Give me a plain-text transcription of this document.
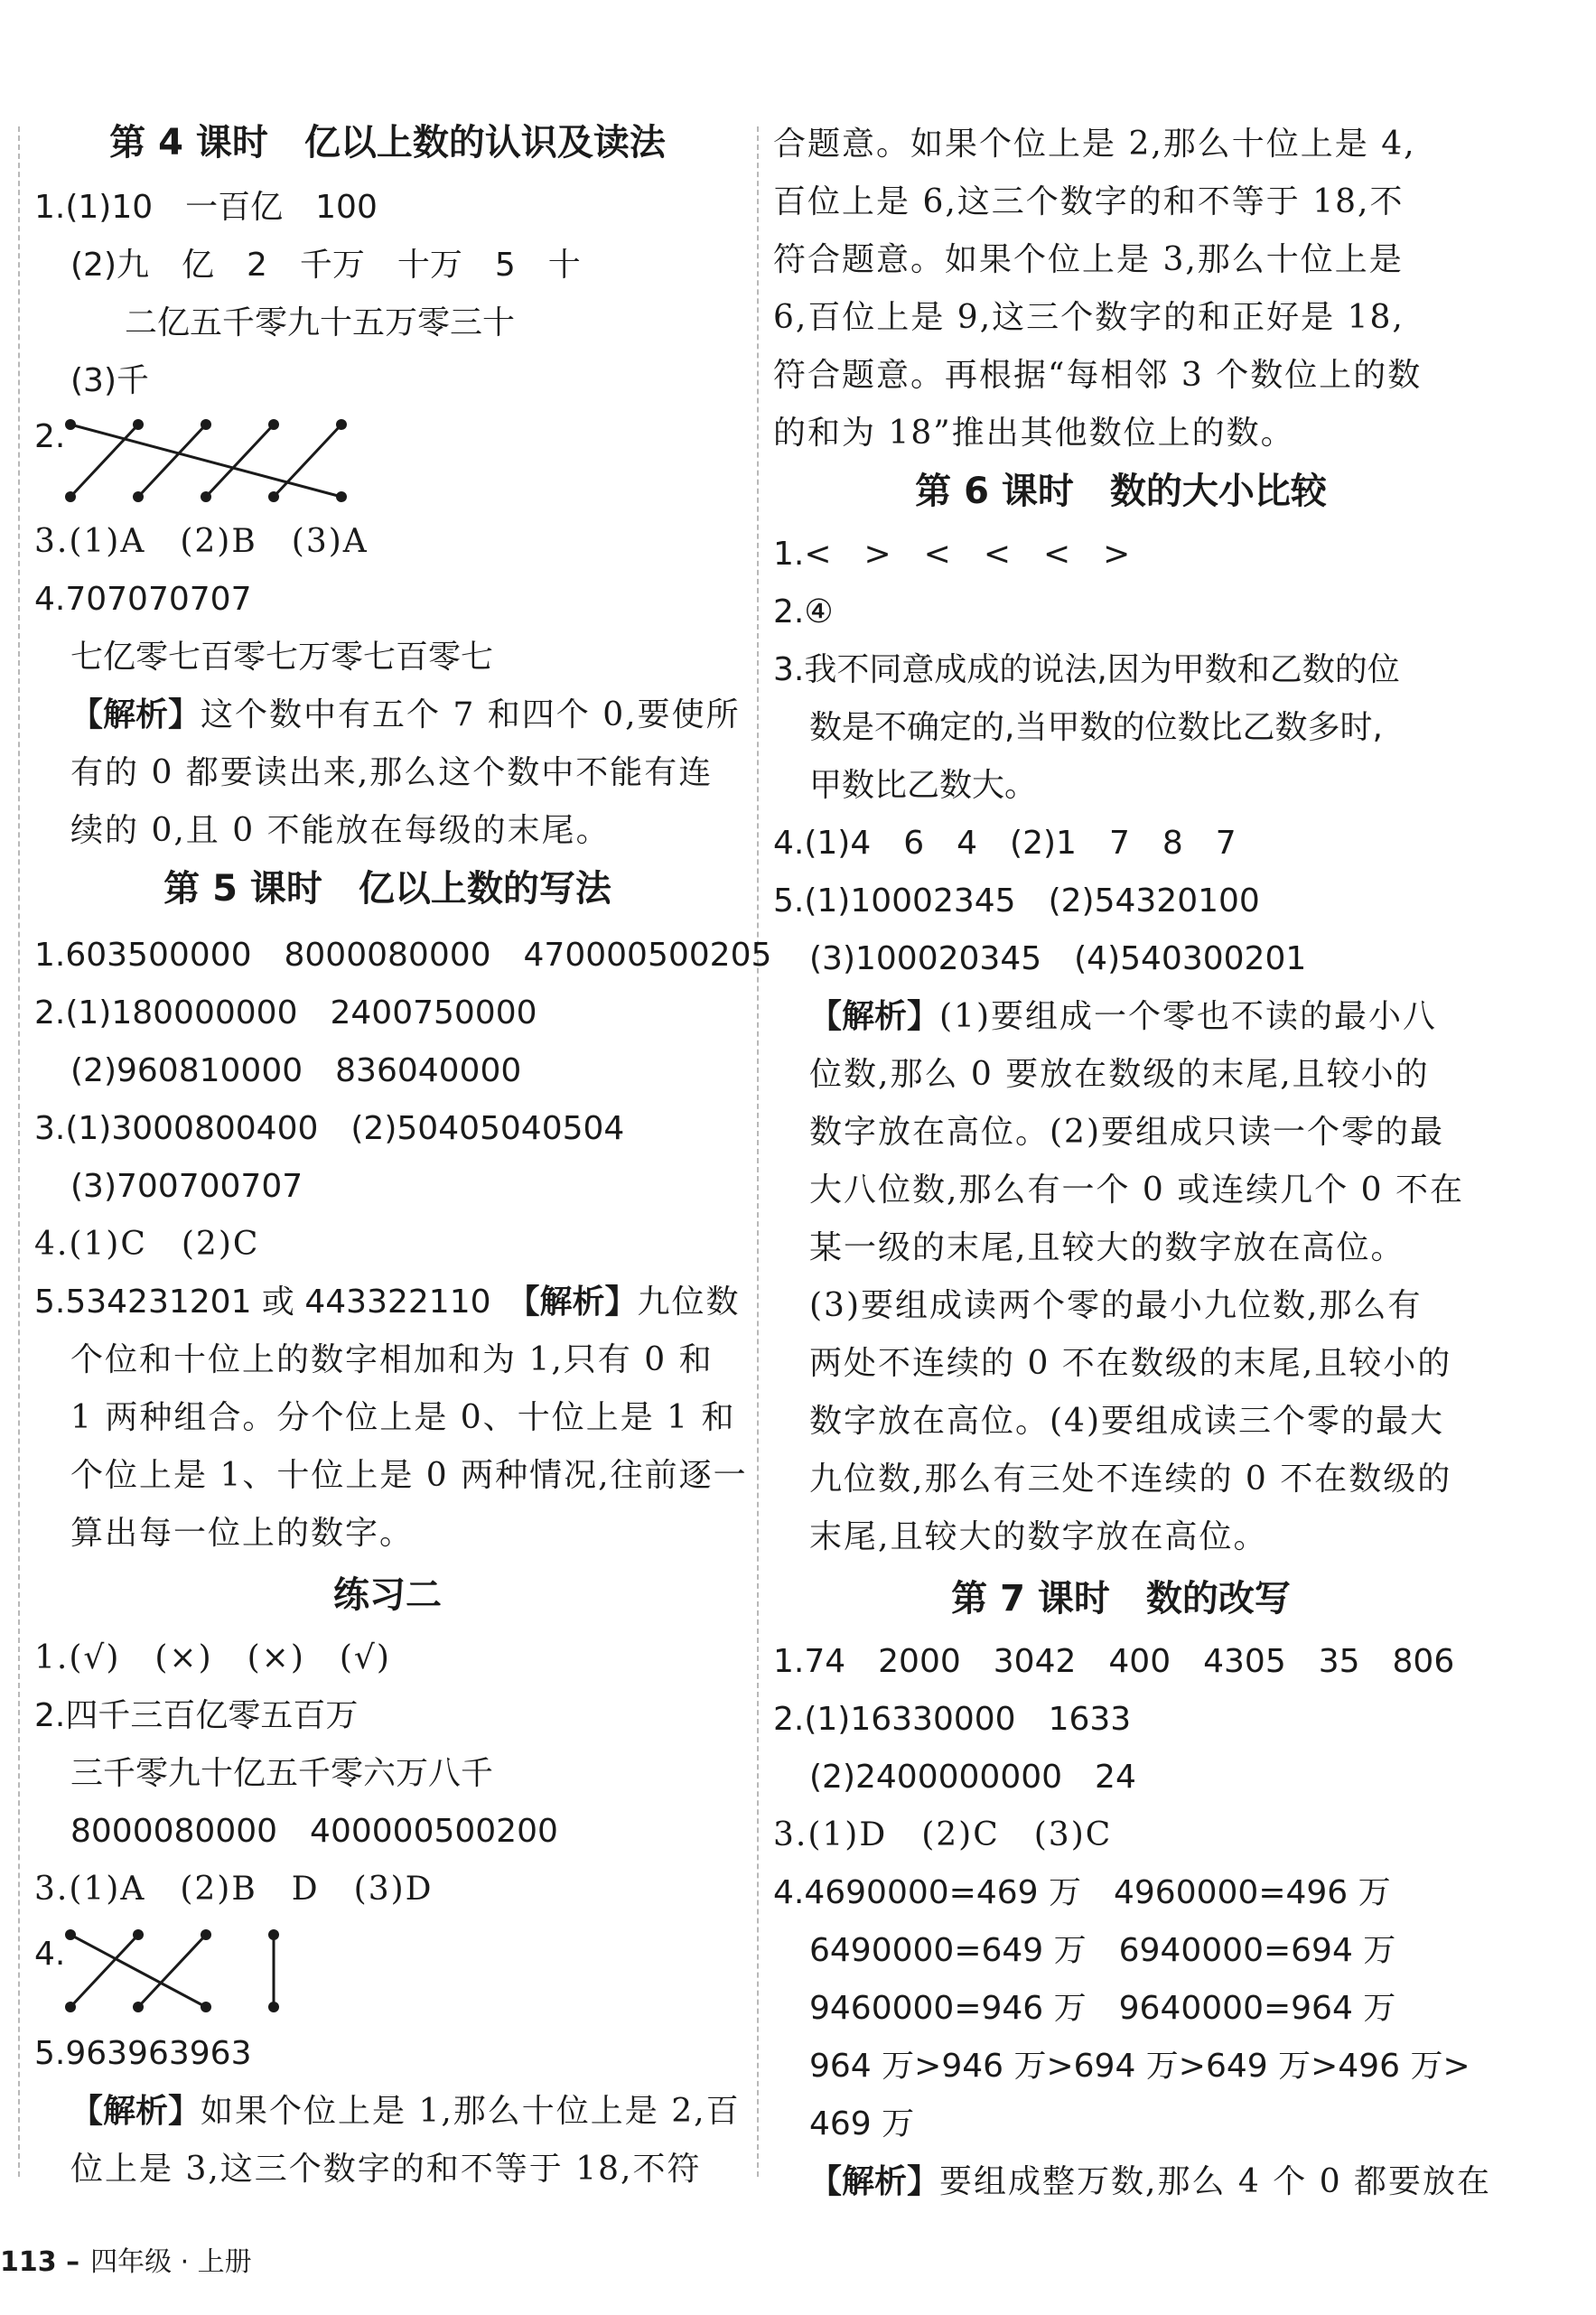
第 4 课时　亿以上数的认识及读法
1.(1)10　一百亿　100
(2)九　亿　2　千万　十万　5　十
二亿五千零九十五万零三十
(3)千
2.
3.(1)A　(2)B　(3)A
4.707070707
七亿零七百零七万零七百零七
【解析】这个数中有五个 7 和四个 0,要使所
有的 0 都要读出来,那么这个数中不能有连
续的 0,且 0 不能放在每级的末尾。
第 5 课时　亿以上数的写法
1.603500000　8000080000　470000500205
2.(1)180000000　2400750000
(2)960810000　836040000
3.(1)3000800400　(2)50405040504
(3)700700707
4.(1)C　(2)C
5.534231201 或 443322110　【解析】九位数
个位和十位上的数字相加和为 1,只有 0 和
1 两种组合。分个位上是 0、十位上是 1 和
个位上是 1、十位上是 0 两种情况,往前逐一
算出每一位上的数字。
练习二
1.(√)　(×)　(×)　(√)
2.四千三百亿零五百万
三千零九十亿五千零六万八千
8000080000　400000500200
3.(1)A　(2)B　D　(3)D
4.
5.963963963
【解析】如果个位上是 1,那么十位上是 2,百
位上是 3,这三个数字的和不等于 18,不符
合题意。如果个位上是 2,那么十位上是 4,
百位上是 6,这三个数字的和不等于 18,不
符合题意。如果个位上是 3,那么十位上是
6,百位上是 9,这三个数字的和正好是 18,
符合题意。再根据“每相邻 3 个数位上的数
的和为 18”推出其他数位上的数。
第 6 课时　数的大小比较
1.<　>　<　<　<　>
2.④
3.我不同意成成的说法,因为甲数和乙数的位
数是不确定的,当甲数的位数比乙数多时,
甲数比乙数大。
4.(1)4　6　4　(2)1　7　8　7
5.(1)10002345　(2)54320100
(3)100020345　(4)540300201
【解析】(1)要组成一个零也不读的最小八
位数,那么 0 要放在数级的末尾,且较小的
数字放在高位。(2)要组成只读一个零的最
大八位数,那么有一个 0 或连续几个 0 不在
某一级的末尾,且较大的数字放在高位。
(3)要组成读两个零的最小九位数,那么有
两处不连续的 0 不在数级的末尾,且较小的
数字放在高位。(4)要组成读三个零的最大
九位数,那么有三处不连续的 0 不在数级的
末尾,且较大的数字放在高位。
第 7 课时　数的改写
1.74　2000　3042　400　4305　35　806
2.(1)16330000　1633
(2)2400000000　24
3.(1)D　(2)C　(3)C
4.4690000=469 万　4960000=496 万
6490000=649 万　6940000=694 万
9460000=946 万　9640000=964 万
964 万>946 万>694 万>649 万>496 万>
469 万
【解析】要组成整万数,那么 4 个 0 都要放在
113 – 四年级 · 上册
